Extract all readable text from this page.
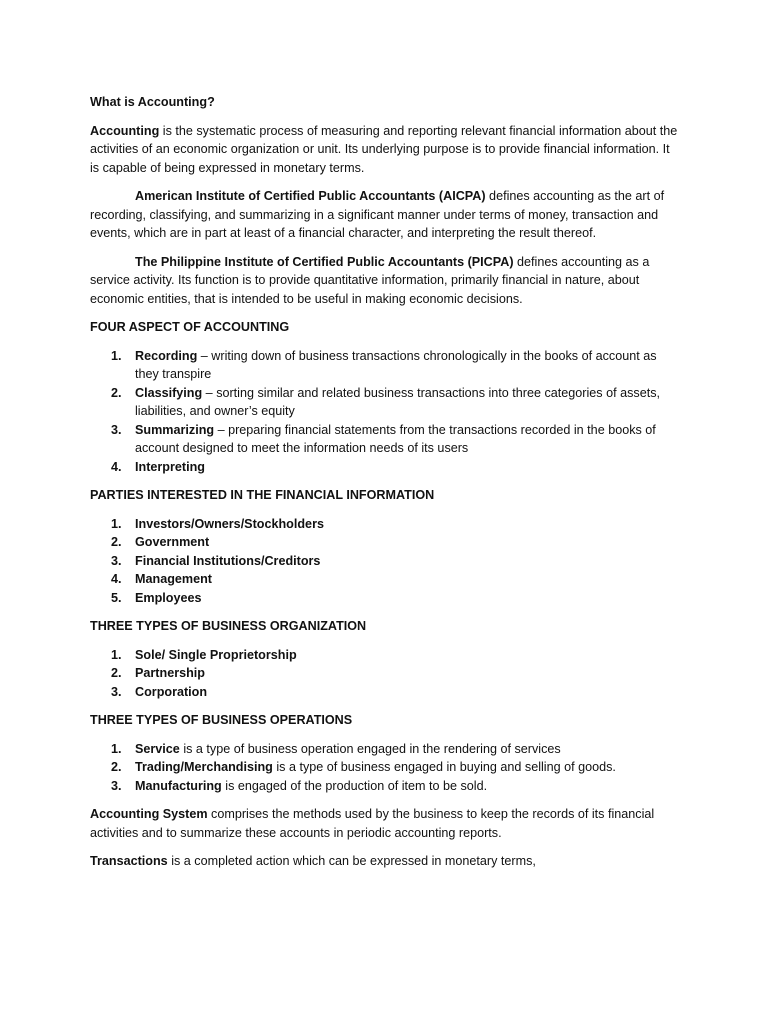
What is Accounting?

Accounting is the systematic process of measuring and reporting relevant financial information about the activities of an economic organization or unit. Its underlying purpose is to provide financial information. It is capable of being expressed in monetary terms.

American Institute of Certified Public Accountants (AICPA) defines accounting as the art of recording, classifying, and summarizing in a significant manner under terms of money, transaction and events, which are in part at least of a financial character, and interpreting the result thereof.

The Philippine Institute of Certified Public Accountants (PICPA) defines accounting as a service activity. Its function is to provide quantitative information, primarily financial in nature, about economic entities, that is intended to be useful in making economic decisions.

FOUR ASPECT OF ACCOUNTING
1. Recording – writing down of business transactions chronologically in the books of account as they transpire
2. Classifying – sorting similar and related business transactions into three categories of assets, liabilities, and owner’s equity
3. Summarizing – preparing financial statements from the transactions recorded in the books of account designed to meet the information needs of its users
4. Interpreting
PARTIES INTERESTED IN THE FINANCIAL INFORMATION
1. Investors/Owners/Stockholders
2. Government
3. Financial Institutions/Creditors
4. Management
5. Employees
THREE TYPES OF BUSINESS ORGANIZATION
1. Sole/ Single Proprietorship
2. Partnership
3. Corporation
THREE TYPES OF BUSINESS OPERATIONS
1. Service is a type of business operation engaged in the rendering of services
2. Trading/Merchandising is a type of business engaged in buying and selling of goods.
3. Manufacturing is engaged of the production of item to be sold.

Accounting System comprises the methods used by the business to keep the records of its financial activities and to summarize these accounts in periodic accounting reports.

Transactions is a completed action which can be expressed in monetary terms,
